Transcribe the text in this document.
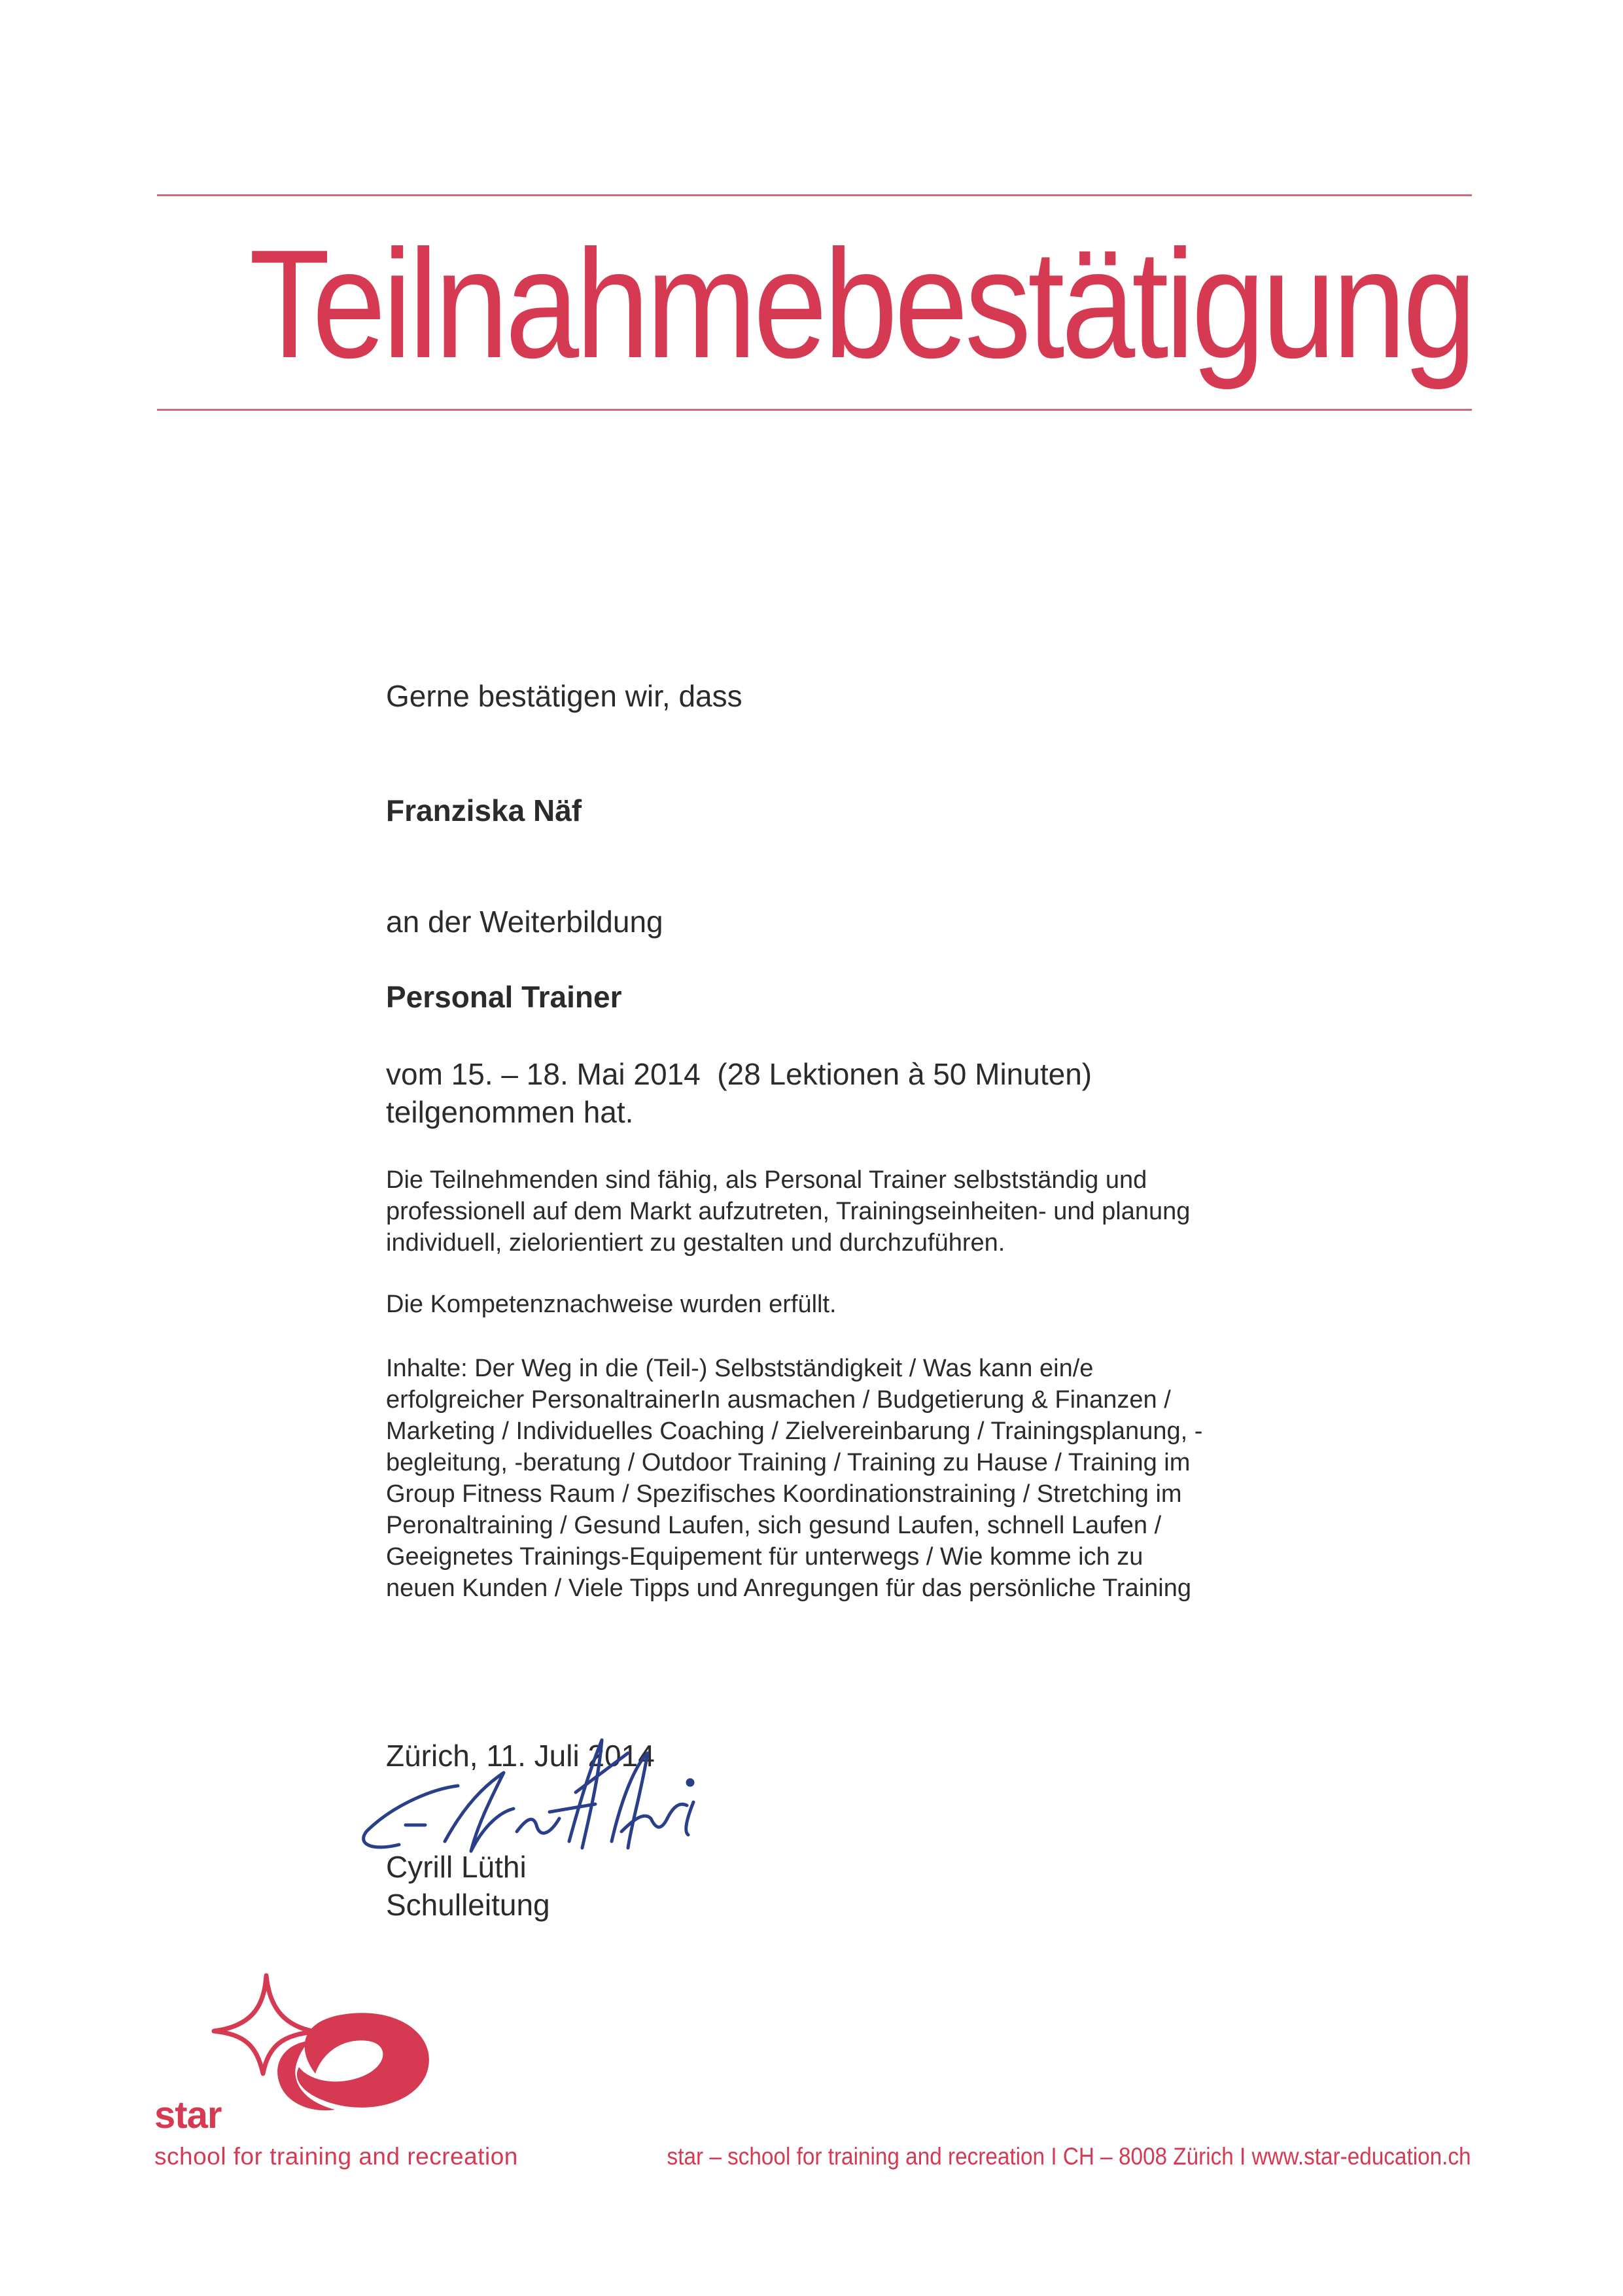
Teilnahmebestätigung

Gerne bestätigen wir, dass

Franziska Näf

an der Weiterbildung

Personal Trainer

vom 15. – 18. Mai 2014  (28 Lektionen à 50 Minuten)

teilgenommen hat.

Die Teilnehmenden sind fähig, als Personal Trainer selbstständig und

professionell auf dem Markt aufzutreten, Trainingseinheiten- und planung

individuell, zielorientiert zu gestalten und durchzuführen.

Die Kompetenznachweise wurden erfüllt.

Inhalte: Der Weg in die (Teil-) Selbstständigkeit / Was kann ein/e

erfolgreicher PersonaltrainerIn ausmachen / Budgetierung & Finanzen /

Marketing / Individuelles Coaching / Zielvereinbarung / Trainingsplanung, -

begleitung, -beratung / Outdoor Training / Training zu Hause / Training im

Group Fitness Raum / Spezifisches Koordinationstraining / Stretching im

Peronaltraining / Gesund Laufen, sich gesund Laufen, schnell Laufen /

Geeignetes Trainings-Equipement für unterwegs / Wie komme ich zu

neuen Kunden / Viele Tipps und Anregungen für das persönliche Training

Zürich, 11. Juli 2014

Cyrill Lüthi

Schulleitung

star

school for training and recreation	star – school for training and recreation I CH – 8008 Zürich I www.star-education.ch
